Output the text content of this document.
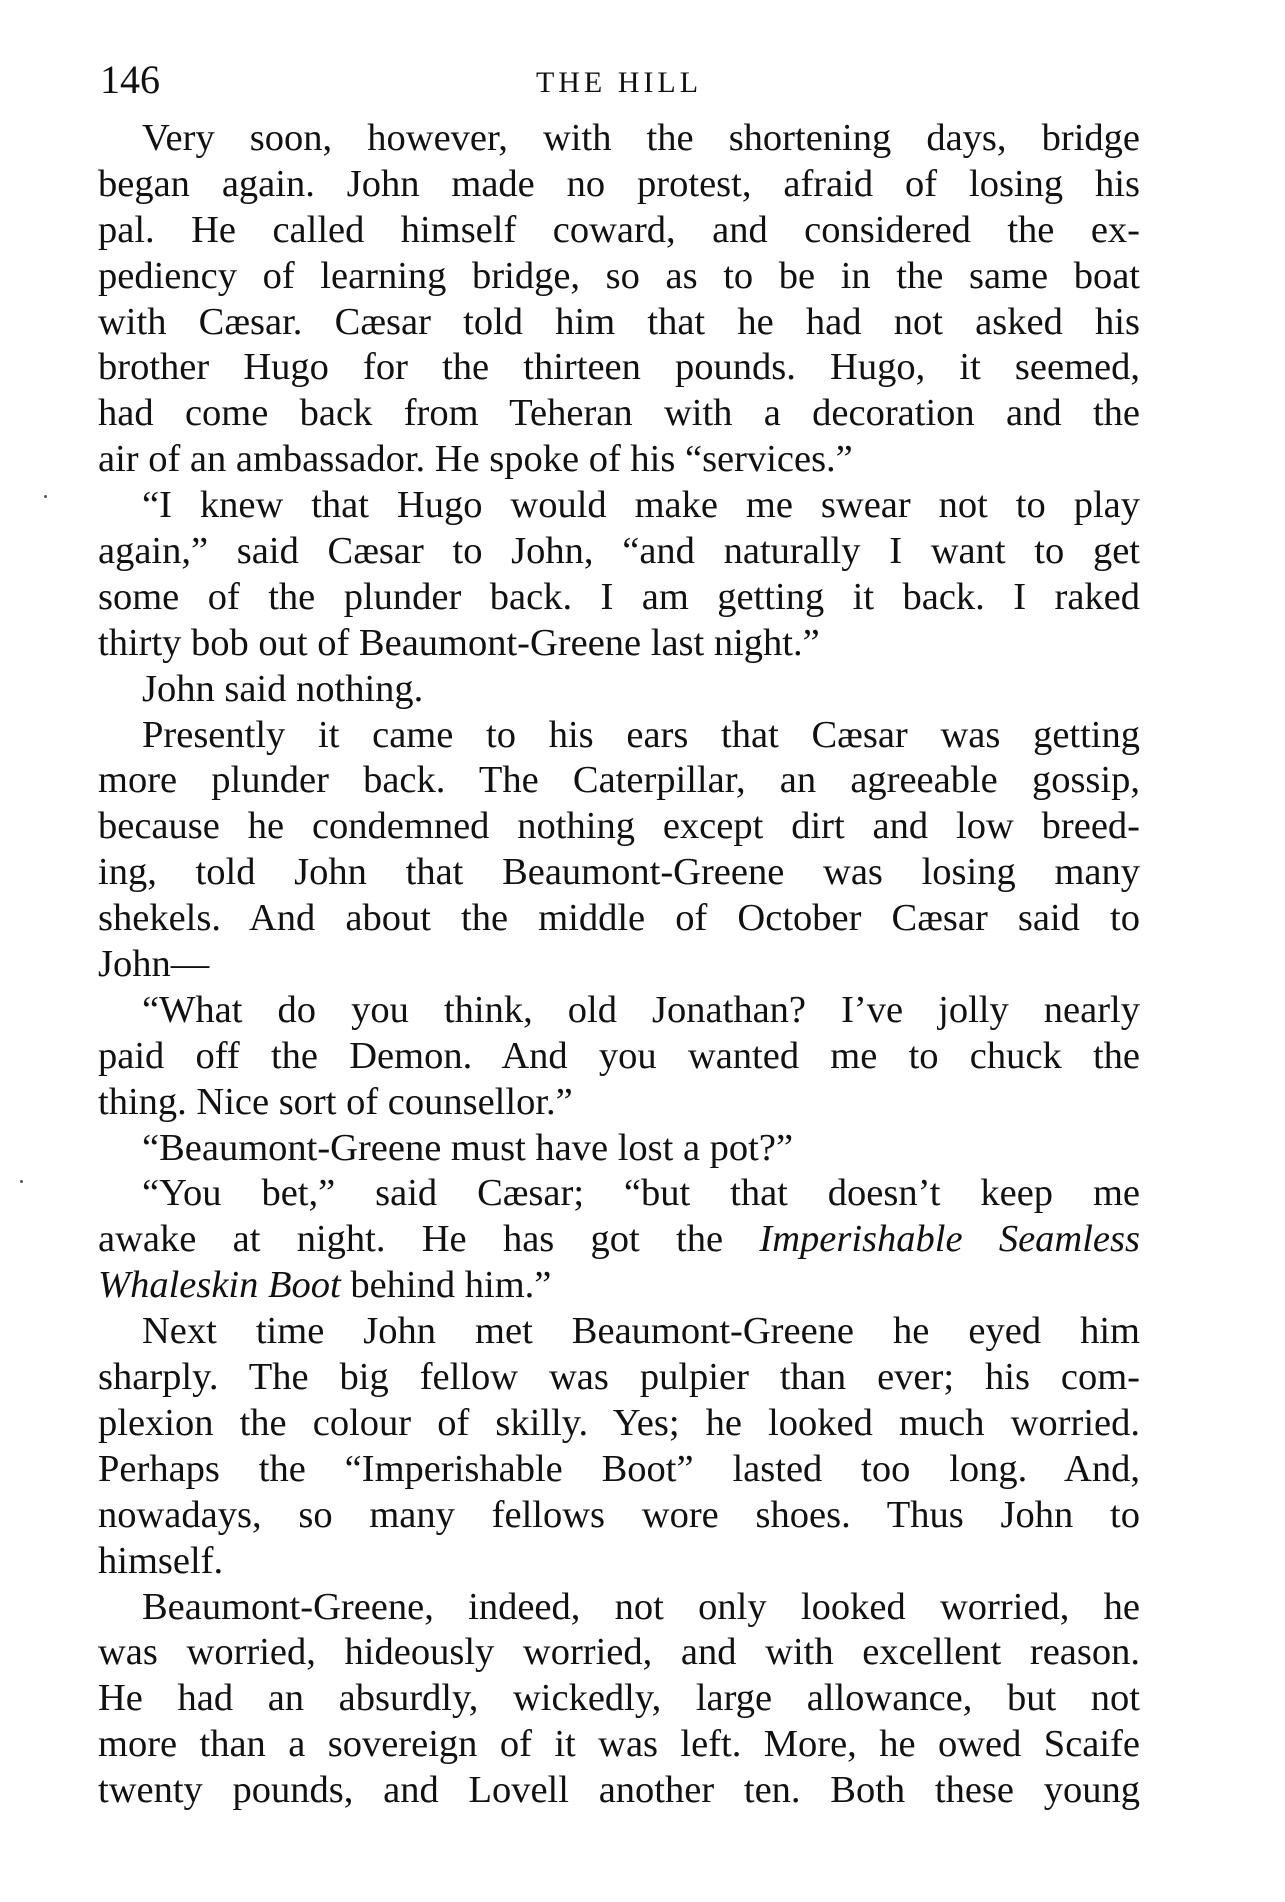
146	THE HILL
Very soon, however, with the shortening days, bridge
began again. John made no protest, afraid of losing his
pal. He called himself coward, and considered the ex-
pediency of learning bridge, so as to be in the same boat
with Cæsar. Cæsar told him that he had not asked his
brother Hugo for the thirteen pounds. Hugo, it seemed,
had come back from Teheran with a decoration and the
air of an ambassador. He spoke of his “services.”
“I knew that Hugo would make me swear not to play
again,” said Cæsar to John, “and naturally I want to get
some of the plunder back. I am getting it back. I raked
thirty bob out of Beaumont-Greene last night.”
John said nothing.
Presently it came to his ears that Cæsar was getting
more plunder back. The Caterpillar, an agreeable gossip,
because he condemned nothing except dirt and low breed-
ing, told John that Beaumont-Greene was losing many
shekels. And about the middle of October Cæsar said to
John—
“What do you think, old Jonathan? I’ve jolly nearly
paid off the Demon. And you wanted me to chuck the
thing. Nice sort of counsellor.”
“Beaumont-Greene must have lost a pot?”
“You bet,” said Cæsar; “but that doesn’t keep me
awake at night. He has got the Imperishable Seamless
Whaleskin Boot behind him.”
Next time John met Beaumont-Greene he eyed him
sharply. The big fellow was pulpier than ever; his com-
plexion the colour of skilly. Yes; he looked much worried.
Perhaps the “Imperishable Boot” lasted too long. And,
nowadays, so many fellows wore shoes. Thus John to
himself.
Beaumont-Greene, indeed, not only looked worried, he
was worried, hideously worried, and with excellent reason.
He had an absurdly, wickedly, large allowance, but not
more than a sovereign of it was left. More, he owed Scaife
twenty pounds, and Lovell another ten. Both these young
